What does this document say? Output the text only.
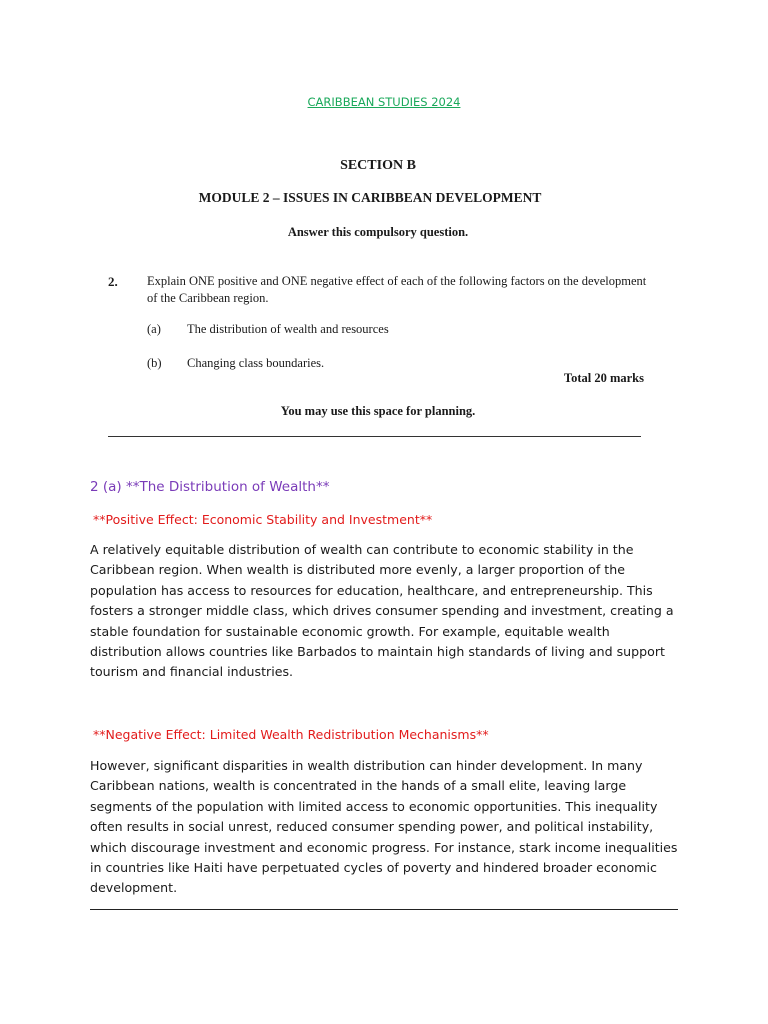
CARIBBEAN STUDIES 2024
SECTION B
MODULE 2 – ISSUES IN CARIBBEAN DEVELOPMENT
Answer this compulsory question.
2. Explain ONE positive and ONE negative effect of each of the following factors on the development of the Caribbean region.
(a) The distribution of wealth and resources
(b) Changing class boundaries.
Total 20 marks
You may use this space for planning.
2 (a) **The Distribution of Wealth**
**Positive Effect: Economic Stability and Investment**
A relatively equitable distribution of wealth can contribute to economic stability in the Caribbean region. When wealth is distributed more evenly, a larger proportion of the population has access to resources for education, healthcare, and entrepreneurship. This fosters a stronger middle class, which drives consumer spending and investment, creating a stable foundation for sustainable economic growth. For example, equitable wealth distribution allows countries like Barbados to maintain high standards of living and support tourism and financial industries.
**Negative Effect: Limited Wealth Redistribution Mechanisms**
However, significant disparities in wealth distribution can hinder development. In many Caribbean nations, wealth is concentrated in the hands of a small elite, leaving large segments of the population with limited access to economic opportunities. This inequality often results in social unrest, reduced consumer spending power, and political instability, which discourage investment and economic progress. For instance, stark income inequalities in countries like Haiti have perpetuated cycles of poverty and hindered broader economic development.
